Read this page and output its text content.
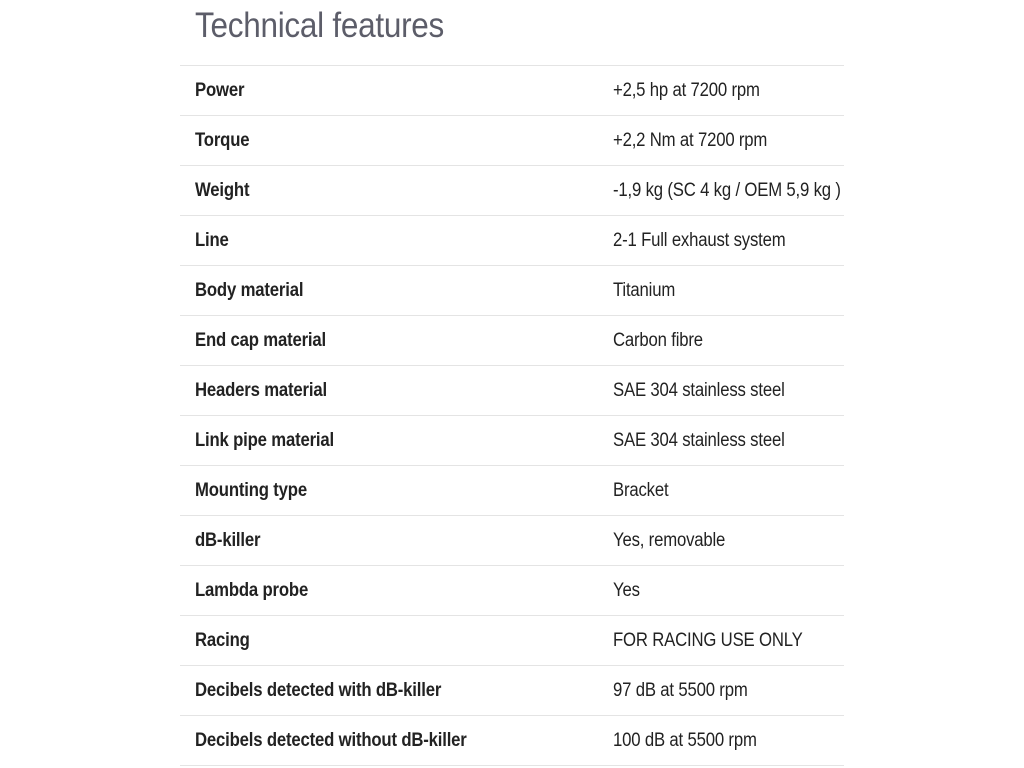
Technical features
Power	+2,5 hp at 7200 rpm
Torque	+2,2 Nm at 7200 rpm
Weight	-1,9 kg (SC 4 kg / OEM 5,9 kg )
Line	2-1 Full exhaust system
Body material	Titanium
End cap material	Carbon fibre
Headers material	SAE 304 stainless steel
Link pipe material	SAE 304 stainless steel
Mounting type	Bracket
dB-killer	Yes, removable
Lambda probe	Yes
Racing	FOR RACING USE ONLY
Decibels detected with dB-killer	97 dB at 5500 rpm
Decibels detected without dB-killer	100 dB at 5500 rpm
